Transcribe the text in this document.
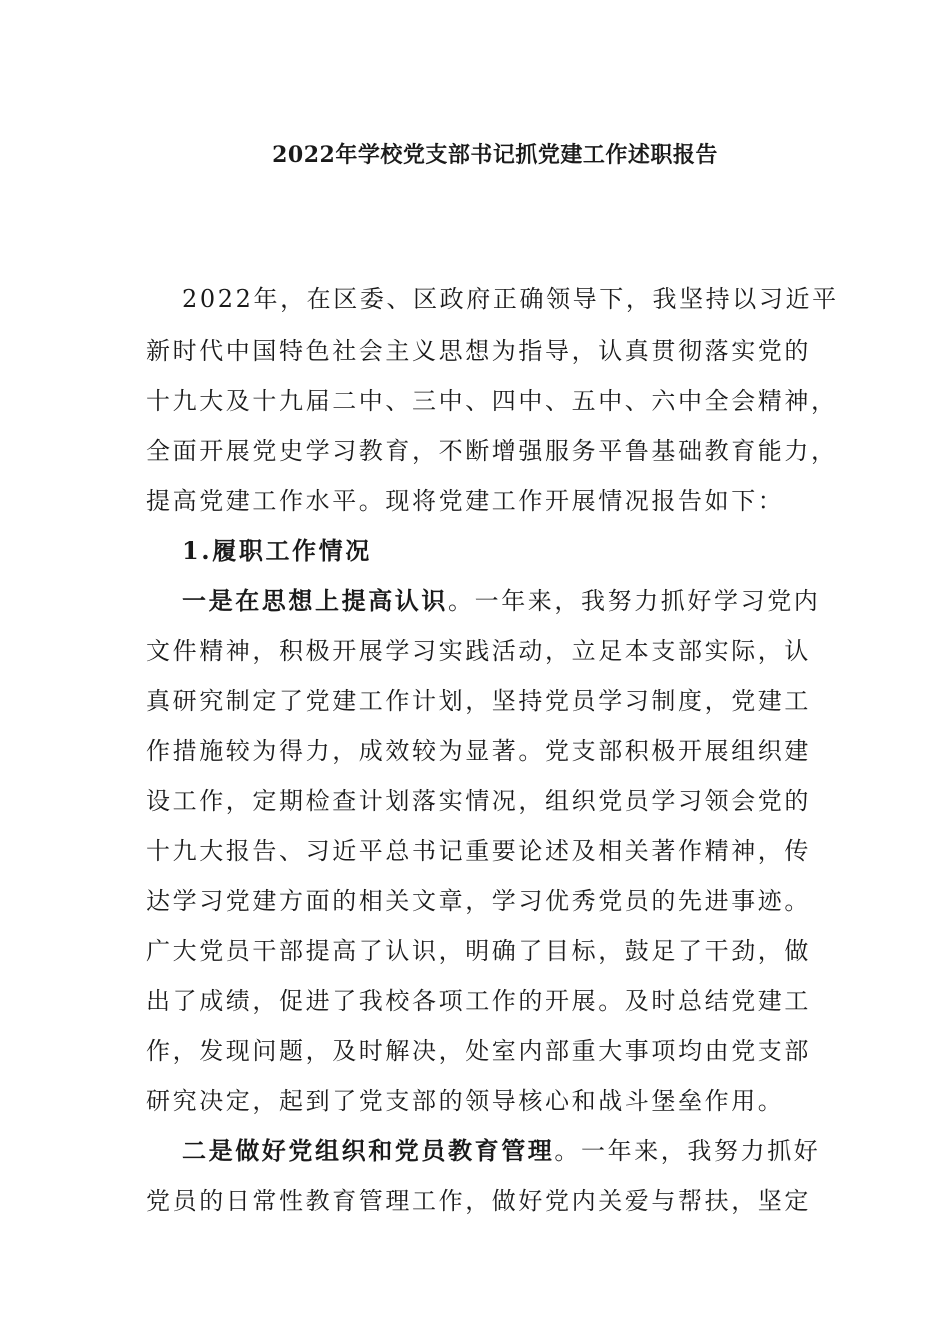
2022年学校党支部书记抓党建工作述职报告
2022年，在区委、区政府正确领导下，我坚持以习近平
新时代中国特色社会主义思想为指导，认真贯彻落实党的
十九大及十九届二中、三中、四中、五中、六中全会精神，
全面开展党史学习教育，不断增强服务平鲁基础教育能力，
提高党建工作水平。现将党建工作开展情况报告如下：
1.履职工作情况
一是在思想上提高认识。一年来，我努力抓好学习党内
文件精神，积极开展学习实践活动，立足本支部实际，认
真研究制定了党建工作计划，坚持党员学习制度，党建工
作措施较为得力，成效较为显著。党支部积极开展组织建
设工作，定期检查计划落实情况，组织党员学习领会党的
十九大报告、习近平总书记重要论述及相关著作精神，传
达学习党建方面的相关文章，学习优秀党员的先进事迹。
广大党员干部提高了认识，明确了目标，鼓足了干劲，做
出了成绩，促进了我校各项工作的开展。及时总结党建工
作，发现问题，及时解决，处室内部重大事项均由党支部
研究决定，起到了党支部的领导核心和战斗堡垒作用。
二是做好党组织和党员教育管理。一年来，我努力抓好
党员的日常性教育管理工作，做好党内关爱与帮扶，坚定
